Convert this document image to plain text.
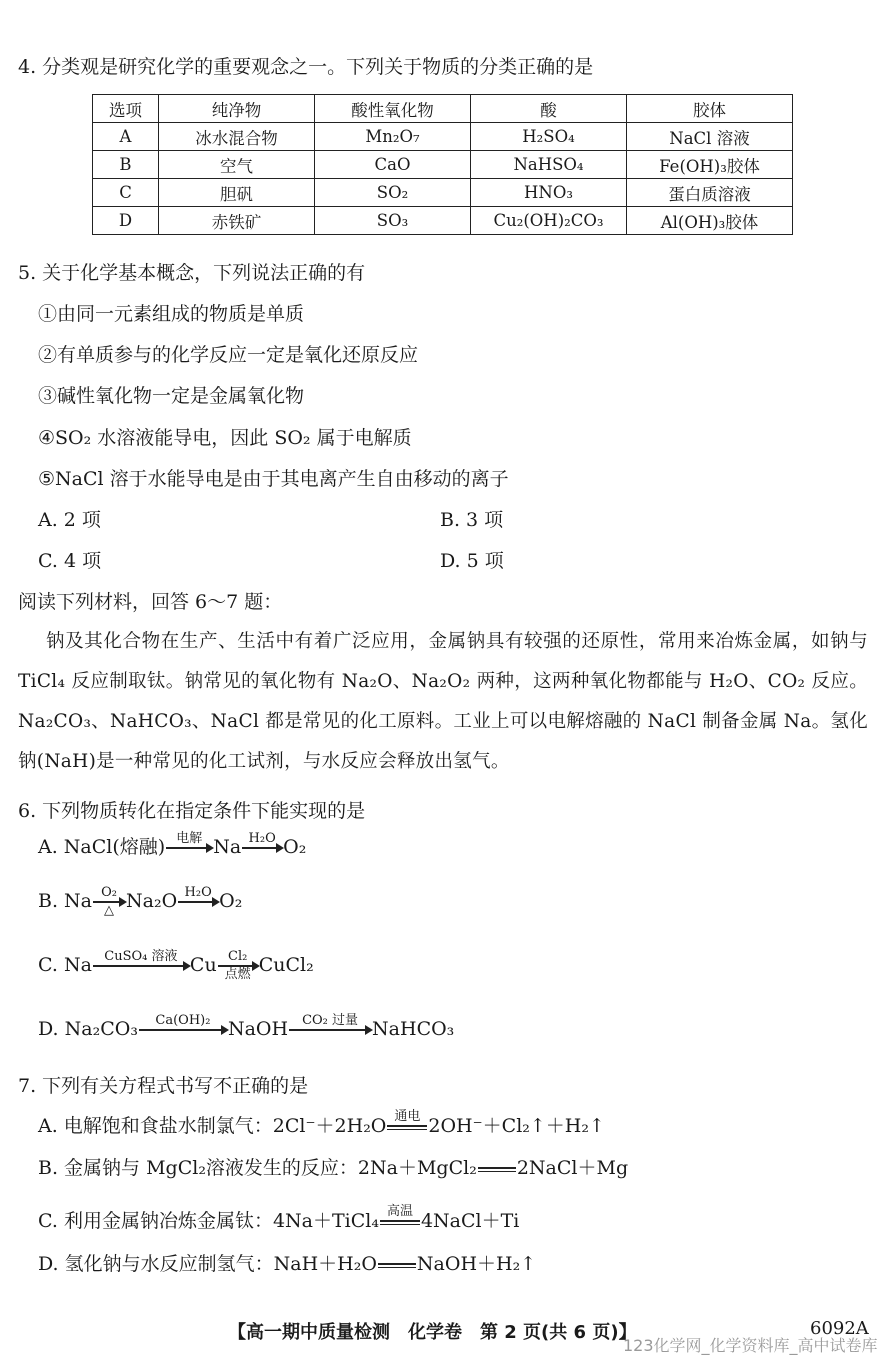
4. 分类观是研究化学的重要观念之一。下列关于物质的分类正确的是
选项	纯净物	酸性氧化物	酸	胶体
A	冰水混合物	Mn₂O₇	H₂SO₄	NaCl 溶液
B	空气	CaO	NaHSO₄	Fe(OH)₃胶体
C	胆矾	SO₂	HNO₃	蛋白质溶液
D	赤铁矿	SO₃	Cu₂(OH)₂CO₃	Al(OH)₃胶体
5. 关于化学基本概念，下列说法正确的有
①由同一元素组成的物质是单质
②有单质参与的化学反应一定是氧化还原反应
③碱性氧化物一定是金属氧化物
④SO₂ 水溶液能导电，因此 SO₂ 属于电解质
⑤NaCl 溶于水能导电是由于其电离产生自由移动的离子
A. 2 项	B. 3 项
C. 4 项	D. 5 项
阅读下列材料，回答 6～7 题：
钠及其化合物在生产、生活中有着广泛应用，金属钠具有较强的还原性，常用来冶炼金属，如钠与 TiCl₄ 反应制取钛。钠常见的氧化物有 Na₂O、Na₂O₂ 两种，这两种氧化物都能与 H₂O、CO₂ 反应。Na₂CO₃、NaHCO₃、NaCl 都是常见的化工原料。工业上可以电解熔融的 NaCl 制备金属 Na。氢化钠(NaH)是一种常见的化工试剂，与水反应会释放出氢气。
6. 下列物质转化在指定条件下能实现的是
A. NaCl(熔融) 电解
Na H₂O
O₂
B. Na O₂
△ Na₂O H₂O
O₂
C. Na CuSO₄ 溶液
Cu Cl₂
点燃 CuCl₂
D. Na₂CO₃	Ca(OH)₂
NaOH	CO₂ 过量
NaHCO₃
7. 下列有关方程式书写不正确的是
A. 电解饱和食盐水制氯气：2Cl⁻＋2H₂O 通电
2OH⁻＋Cl₂↑＋H₂↑
B. 金属钠与 MgCl₂溶液发生的反应：2Na＋MgCl₂

2NaCl＋Mg
C. 利用金属钠冶炼金属钛：4Na＋TiCl₄ 高温
4NaCl＋Ti
D. 氢化钠与水反应制氢气：NaH＋H₂O

NaOH＋H₂↑
【高一期中质量检测　化学卷　第 2 页(共 6 页)】	6092A
123化学网_化学资料库_高中试卷库
